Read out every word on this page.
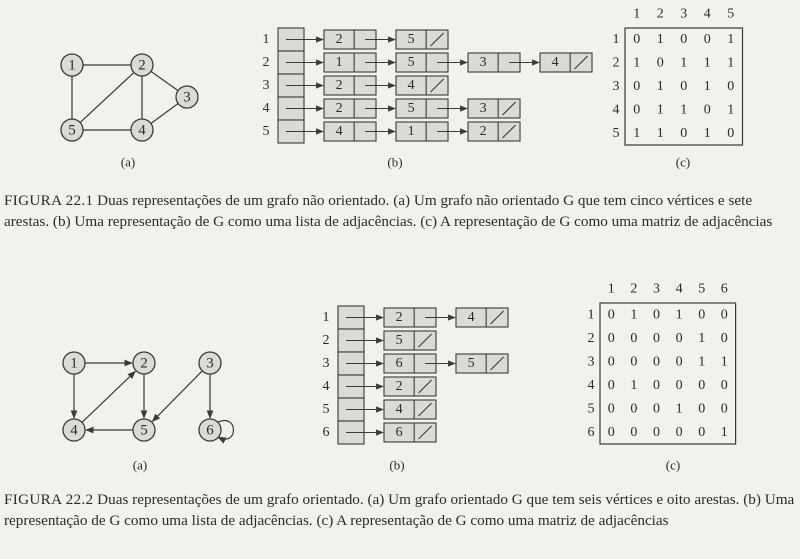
1	2
3
4
5
(a)
1	2	5
2	1	5	3	4
3	2	4
4	2	5	3
5	4	1	2
(b)
1 2 3 4 5
1 0 1 0 0 1
2 1 0 1 1 1
3 0 1 0 1 0
4 0 1 1 0 1
5 1 1 0 1 0
(c)

FIGURA 22.1 Duas representações de um grafo não orientado. (a) Um grafo não orientado G que tem cinco vértices e sete arestas. (b) Uma representação de G como uma lista de adjacências. (c) A representação de G como uma matriz de adjacências

1	2	3
4	5	6
(a)
1	2	4
2	5
3	6	5
4	2
5	4
6	6
(b)
1 2 3 4 5 6
1 0 1 0 1 0 0
2 0 0 0 0 1 0
3 0 0 0 0 1 1
4 0 1 0 0 0 0
5 0 0 0 1 0 0
6 0 0 0 0 0 1
(c)

FIGURA 22.2 Duas representações de um grafo orientado. (a) Um grafo orientado G que tem seis vértices e oito arestas. (b) Uma representação de G como uma lista de adjacências. (c) A representação de G como uma matriz de adjacências
